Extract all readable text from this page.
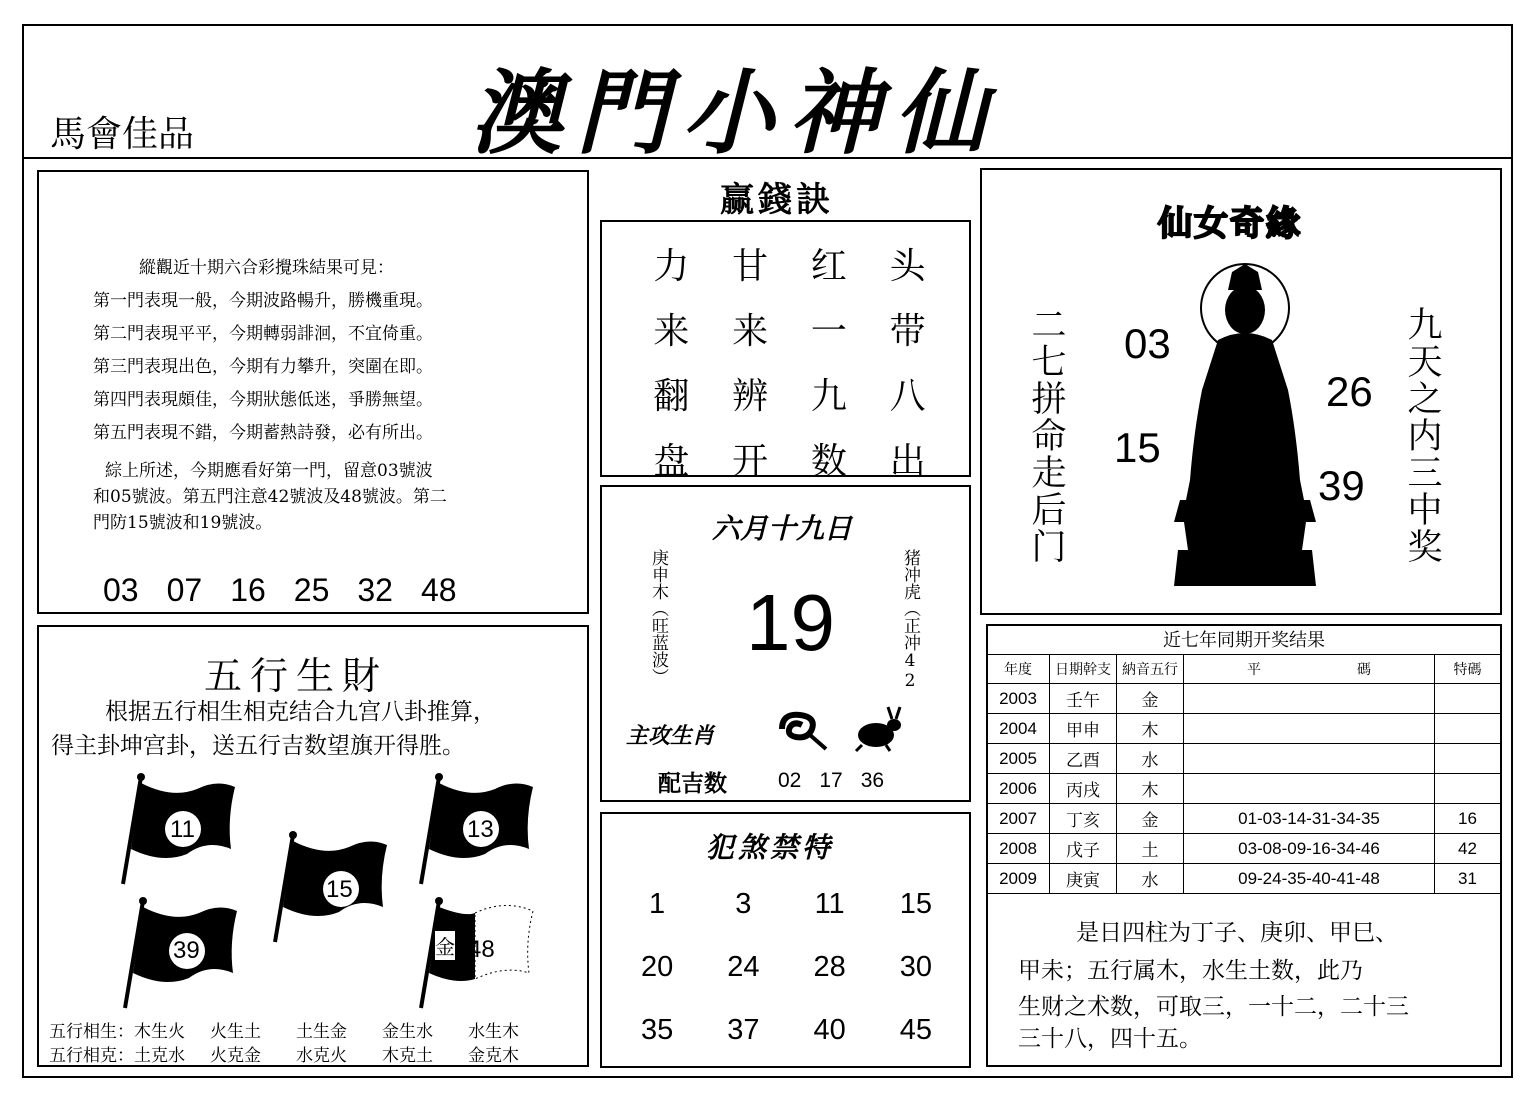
馬會佳品	澳門小神仙
縱觀近十期六合彩攪珠結果可見：
第一門表現一般，今期波路暢升，勝機重現。
第二門表現平平，今期轉弱誹洄，不宜倚重。
第三門表現出色，今期有力攀升，突圍在即。
第四門表現頗佳，今期狀態低迷，爭勝無望。
第五門表現不錯，今期蓄熱詩發，必有所出。
綜上所述，今期應看好第一門，留意03號波
和05號波。第五門注意42號波及48號波。第二
門防15號波和19號波。
03 07 16 25 32 48
五行生財
根据五行相生相克结合九宫八卦推算，
得主卦坤宫卦，送五行吉数望旗开得胜。
11	13
15
39	金 48
五行相生：木生火 火生土 土生金 金生水 水生木
五行相克：土克水 火克金 水克火 木克土 金克木
赢錢訣
力	甘	红	头
来	来	一	带
翻	辨	九	八
盘	开	数	出
六月十九日
庚申木（旺蓝波）	猪冲虎（正冲42
19
主攻生肖
配吉数 02 17 36
犯煞禁特
1	3	11	15
20	24	28	30
35	37	40	45
仙女奇緣
二七拼命走后门	九天之内三中奖
03
26
15
39
近七年同期开奖结果
年度	日期幹支	納音五行	平 碼	特碼
2003	壬午	金		
2004	甲申	木		
2005	乙酉	水		
2006	丙戌	木		
2007	丁亥	金	01-03-14-31-34-35	16
2008	戊子	土	03-08-09-16-34-46	42
2009	庚寅	水	09-24-35-40-41-48	31
是日四柱为丁子、庚卯、甲巳、
甲未；五行属木，水生土数，此乃
生财之术数，可取三，一十二，二十三
三十八，四十五。
